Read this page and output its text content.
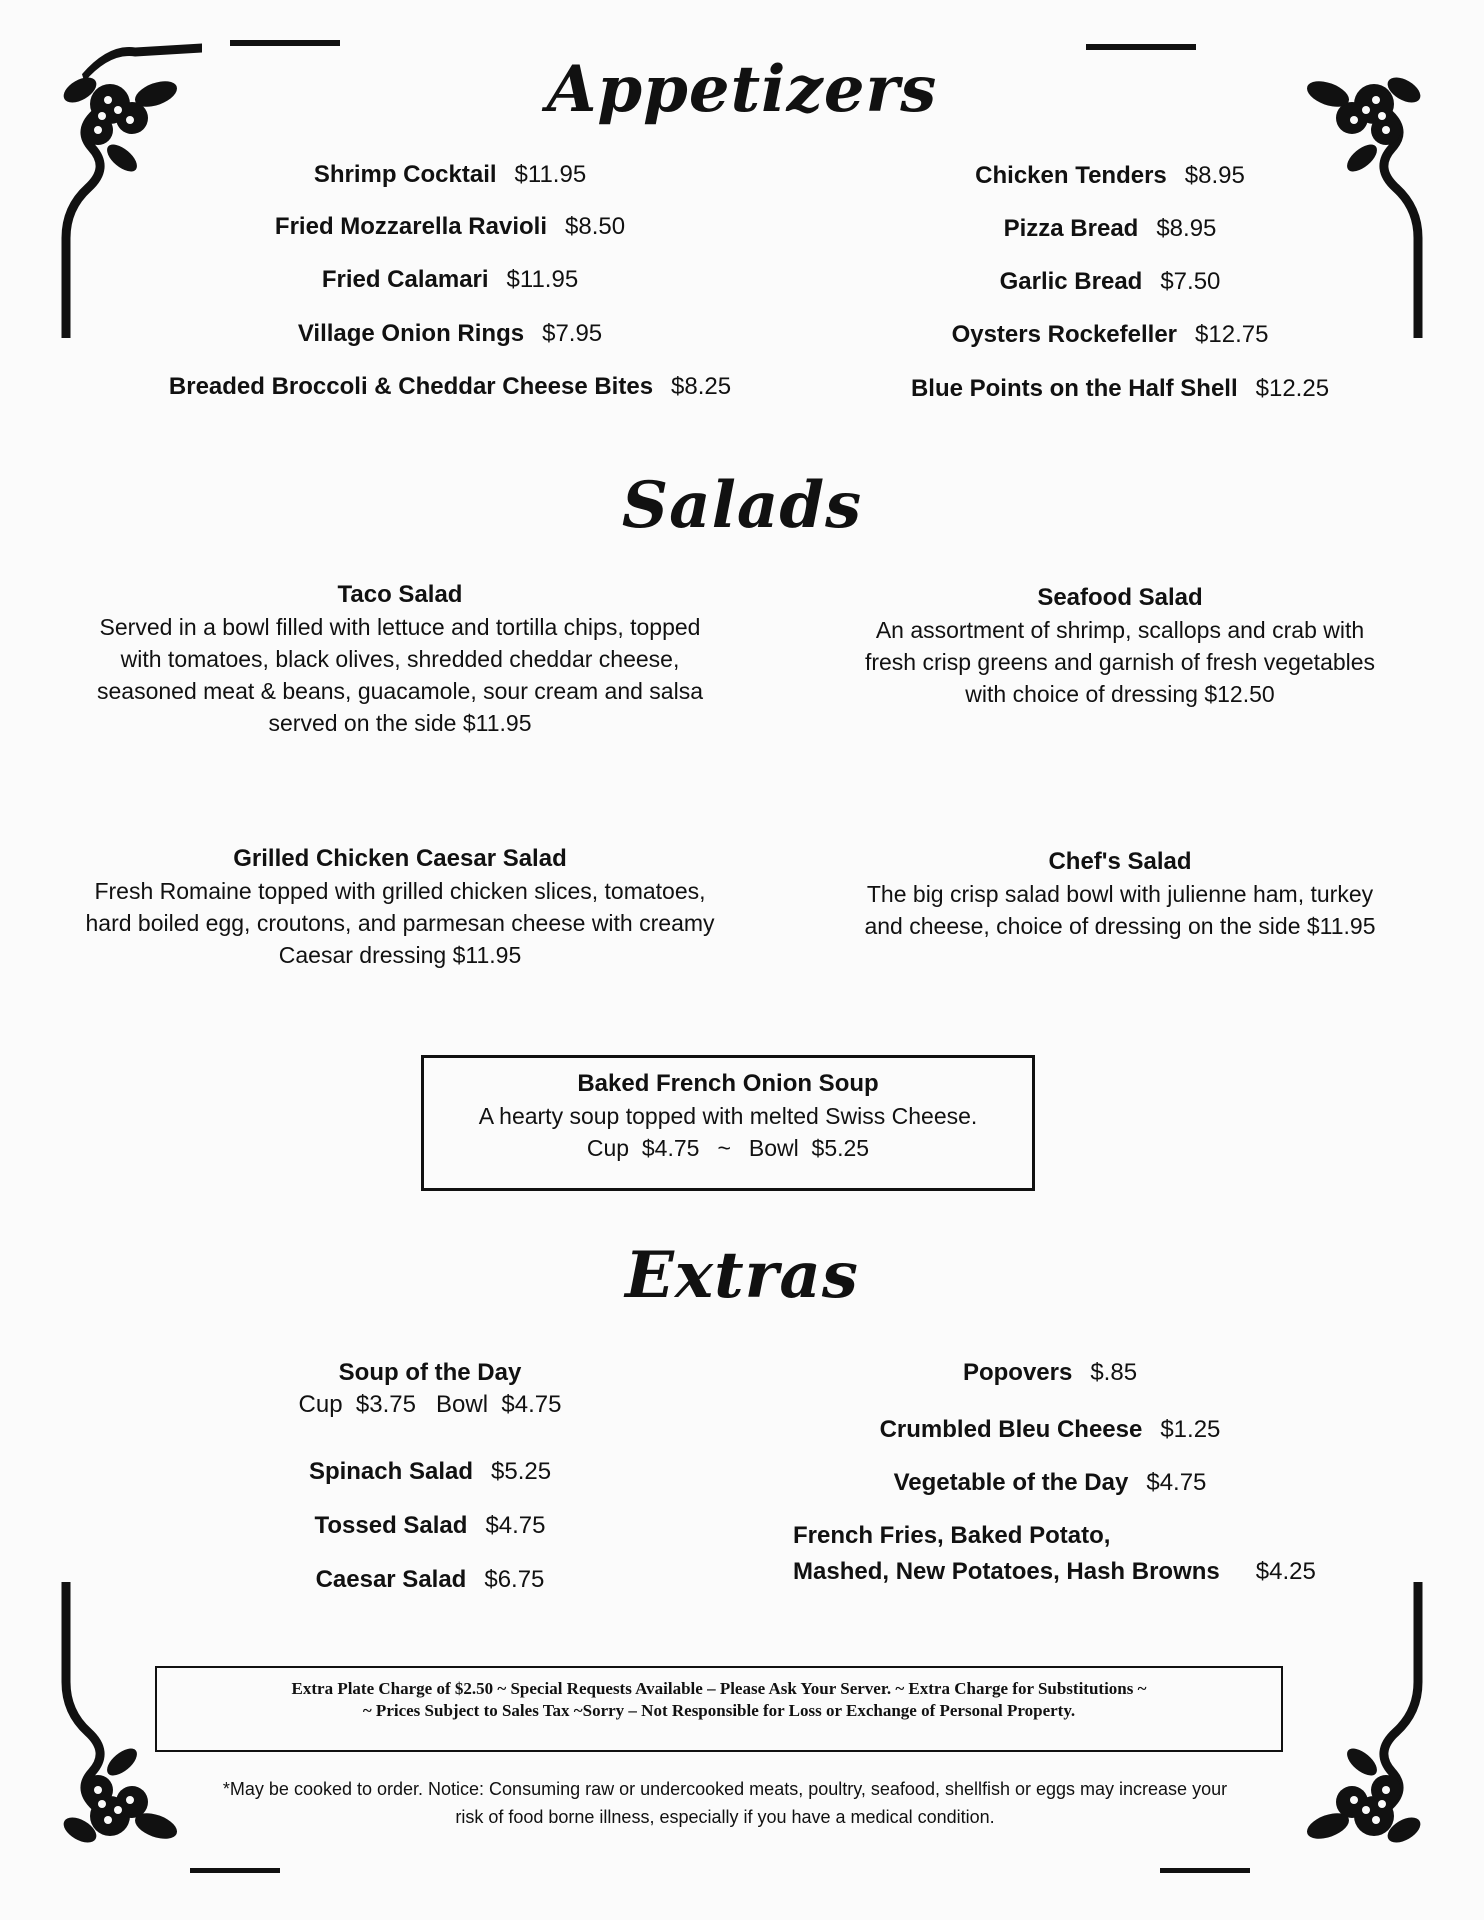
Appetizers
Shrimp Cocktail $11.95
Fried Mozzarella Ravioli $8.50
Fried Calamari $11.95
Village Onion Rings $7.95
Breaded Broccoli & Cheddar Cheese Bites $8.25
Chicken Tenders $8.95
Pizza Bread $8.95
Garlic Bread $7.50
Oysters Rockefeller $12.75
Blue Points on the Half Shell $12.25
Salads
Taco Salad
Served in a bowl filled with lettuce and tortilla chips, topped
with tomatoes, black olives, shredded cheddar cheese,
seasoned meat & beans, guacamole, sour cream and salsa
served on the side $11.95
Seafood Salad
An assortment of shrimp, scallops and crab with
fresh crisp greens and garnish of fresh vegetables
with choice of dressing $12.50
Grilled Chicken Caesar Salad
Fresh Romaine topped with grilled chicken slices, tomatoes,
hard boiled egg, croutons, and parmesan cheese with creamy
Caesar dressing $11.95
Chef's Salad
The big crisp salad bowl with julienne ham, turkey
and cheese, choice of dressing on the side $11.95
Baked French Onion Soup
A hearty soup topped with melted Swiss Cheese.
Cup $4.75 ~ Bowl $5.25
Extras
Soup of the Day
Cup $3.75 Bowl $4.75
Spinach Salad $5.25
Tossed Salad $4.75
Caesar Salad $6.75
Popovers $.85
Crumbled Bleu Cheese $1.25
Vegetable of the Day $4.75
French Fries, Baked Potato,
Mashed, New Potatoes, Hash Browns $4.25
Extra Plate Charge of $2.50 ~ Special Requests Available – Please Ask Your Server. ~ Extra Charge for Substitutions ~
~ Prices Subject to Sales Tax ~Sorry – Not Responsible for Loss or Exchange of Personal Property.
*May be cooked to order. Notice: Consuming raw or undercooked meats, poultry, seafood, shellfish or eggs may increase your
risk of food borne illness, especially if you have a medical condition.
